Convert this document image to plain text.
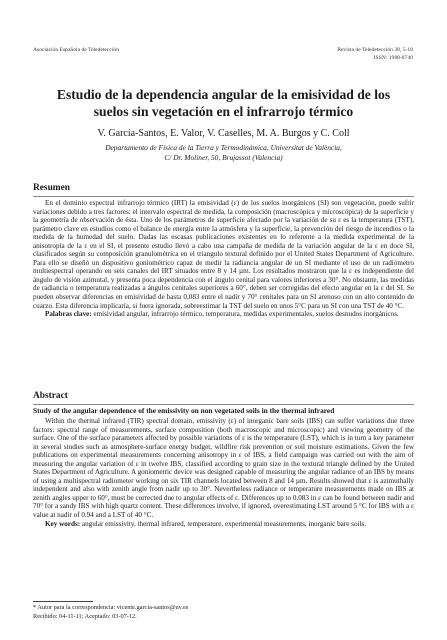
Asociación Española de Teledetección	Revista de Teledetección 38, 5-18
ISSN: 1988-8740
Estudio de la dependencia angular de la emisividad de los suelos sin vegetación en el infrarrojo térmico
V. García-Santos, E. Valor, V. Caselles, M. A. Burgos y C. Coll
Departamento de Física de la Tierra y Termodinámica, Universitat de València,
C/ Dr. Moliner, 50, Brujassot (Valencia)
Resumen

En el dominio espectral infrarrojo térmico (IRT) la emisividad (ε) de los suelos inorgánicos (SI) son vegetación, puede sufrir variaciones debido a tres factores: el intervalo espectral de medida, la composición (macroscópica y microscópica) de la superficie y la geometría de observación de ésta. Uno de los parámetros de superficie afectado por la variación de su ε es la temperatura (TST), parámetro clave en estudios como el balance de energía entre la atmósfera y la superficie, la prevención del riesgo de incendios o la medida de la humedad del suelo. Dadas las escasas publicaciones existentes en lo referente a la medida experimental de la anisotropía de la ε en el SI, el presente estudio llevó a cabo una campaña de medida de la variación angular de la ε en doce SI, clasificados según su composición granulométrica en el triangulo textural definido por el United States Department of Agriculture. Para ello se diseñó un dispositivo goniométrico capaz de medir la radiancia angular de un SI mediante el uso de un radiómetro multiespectral operando en seis canales del IRT situados entre 8 y 14 µm. Los resultados mostraron que la ε es independiente del ángulo de visión azimutal, y presenta poca dependencia con el ángulo cenital para valores inferiores a 30°. No obstante, las medidas de radiancia o temperatura realizadas a ángulos cenitales superiores a 60°, deben ser corregidas del efecto angular en la ε del SI. Se pueden observar diferencias en emisividad de hasta 0,083 entre el nadir y 70° cenitales para un SI arenoso con un alto contenido de cuarzo. Esta diferencia implicaría, si fuera ignorada, sobreestimar la TST del suelo en unos 5°C para un SI con una TST de 40 °C.

Palabras clave: emisividad angular, infrarrojo térmico, temperatura, medidas experimentales, suelos desnudos inorgánicos.

Abstract
Study of the angular dependence of the emissivity on non vegetated soils in the thermal infrared

Within the thermal infrared (TIR) spectral domain, emissivity (ε) of inorganic bare soils (IBS) can suffer variations due three factors: spectral range of measurements, surface composition (both macroscopic and microscopic) and viewing geometry of the surface. One of the surface parameters affected by possible variations of ε is the temperature (LST), which is in turn a key parameter in several studies such as atmosphere-surface energy budget, wildfire risk prevention or soil moisture estimations. Given the few publications on experimental measurements concerning anisotropy in ε of IBS, a field campaign was carried out with the aim of measuring the angular variation of ε in twelve IBS, classified according to grain size in the textural triangle defined by the United States Department of Agriculture. A goniometric device was designed capable of measuring the angular radiance of an IBS by means of using a multispectral radiometer working on six TIR channels located between 8 and 14 µm. Results showed that ε is azimuthally independent and also with zenith angle from nadir up to 30°. Nevertheless radiance or temperature measurements made on IBS at zenith angles upper to 60°, must be corrected due to angular effects of ε. Differences up to 0.083 in ε can be found between nadir and 70° for a sandy IBS with high quartz content. These differences involve, if ignored, overestimating LST around 5 °C for IBS with a ε value at nadir of 0.94 and a LST of 40 °C.

Key words: angular emissivity, thermal infrared, temperature, experimental measurements, inorganic bare soils.

* Autor para la correspondencia: vicente.garcia-santos@uv.es
Recibido: 04-11-11; Aceptado: 03-07-12.
